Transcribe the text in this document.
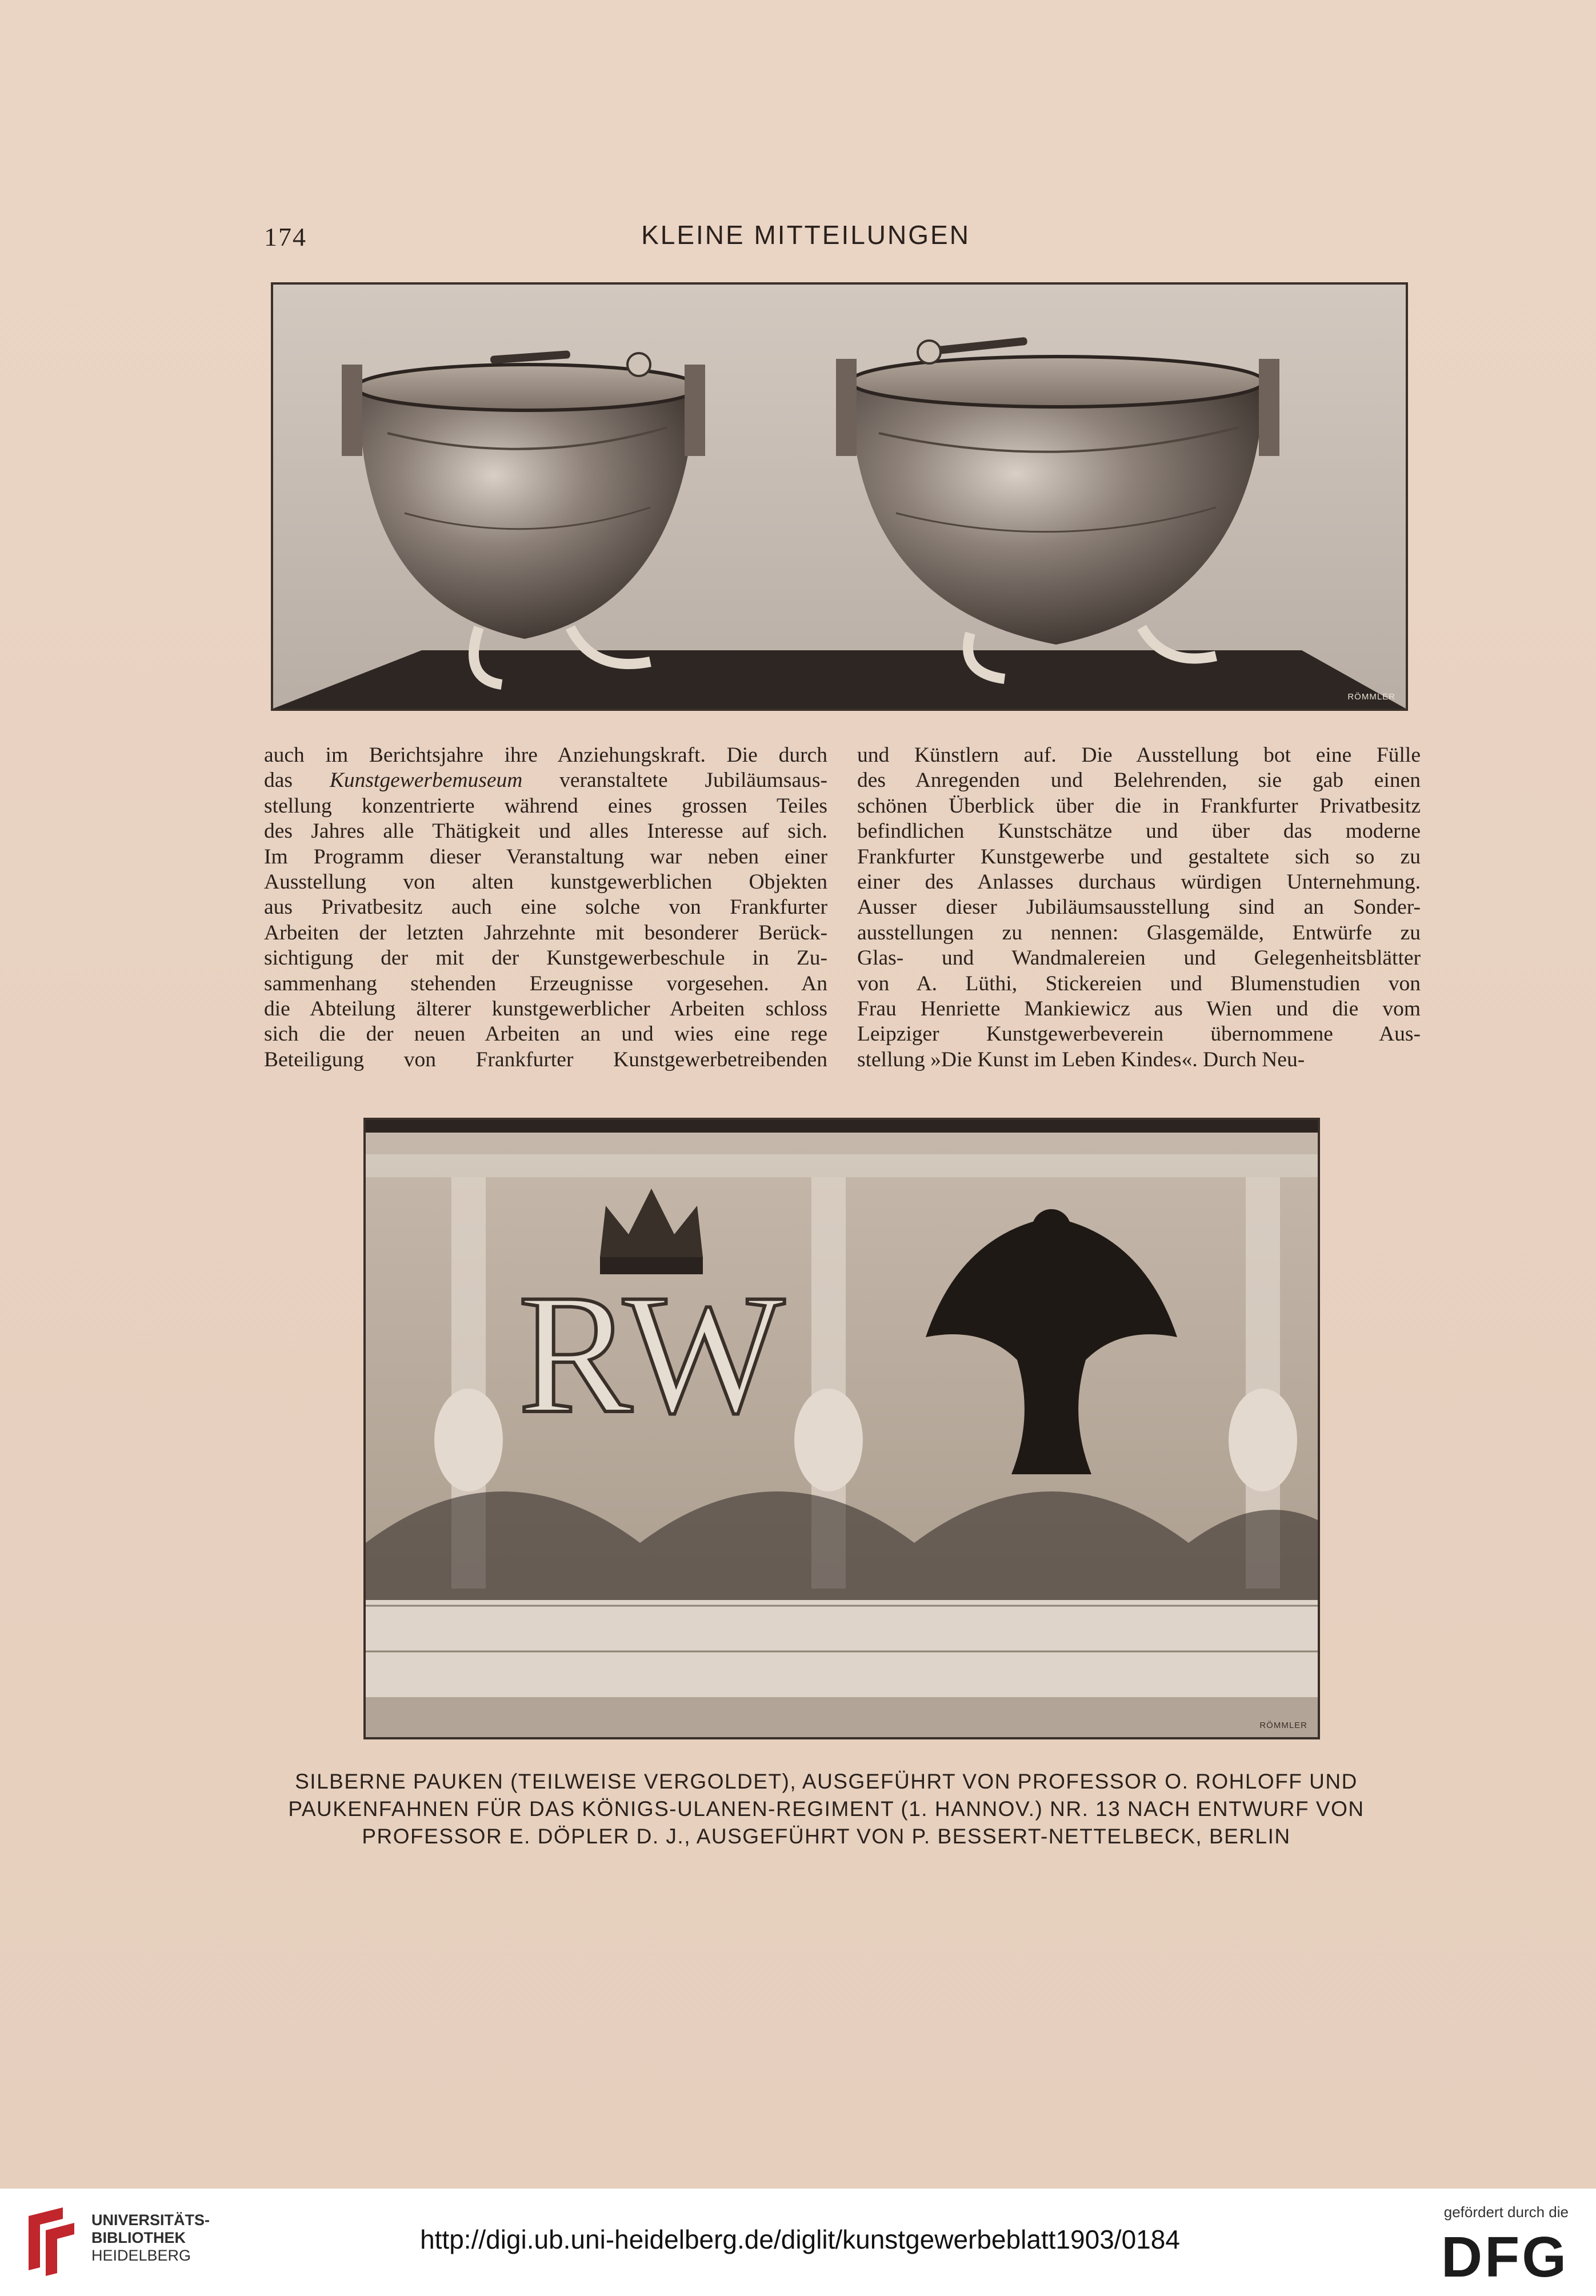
174	KLEINE MITTEILUNGEN
RÖMMLER
auch im Berichtsjahre ihre Anziehungskraft. Die durch
das Kunstgewerbemuseum veranstaltete Jubiläumsaus-
stellung konzentrierte während eines grossen Teiles
des Jahres alle Thätigkeit und alles Interesse auf sich.
Im Programm dieser Veranstaltung war neben einer
Ausstellung von alten kunstgewerblichen Objekten
aus Privatbesitz auch eine solche von Frankfurter
Arbeiten der letzten Jahrzehnte mit besonderer Berück-
sichtigung der mit der Kunstgewerbeschule in Zu-
sammenhang stehenden Erzeugnisse vorgesehen. An
die Abteilung älterer kunstgewerblicher Arbeiten schloss
sich die der neuen Arbeiten an und wies eine rege
Beteiligung von Frankfurter Kunstgewerbetreibenden
und Künstlern auf. Die Ausstellung bot eine Fülle
des Anregenden und Belehrenden, sie gab einen
schönen Überblick über die in Frankfurter Privatbesitz
befindlichen Kunstschätze und über das moderne
Frankfurter Kunstgewerbe und gestaltete sich so zu
einer des Anlasses durchaus würdigen Unternehmung.
Ausser dieser Jubiläumsausstellung sind an Sonder-
ausstellungen zu nennen: Glasgemälde, Entwürfe zu
Glas- und Wandmalereien und Gelegenheitsblätter
von A. Lüthi, Stickereien und Blumenstudien von
Frau Henriette Mankiewicz aus Wien und die vom
Leipziger Kunstgewerbeverein übernommene Aus-
stellung »Die Kunst im Leben Kindes«. Durch Neu-
RW
RÖMMLER
SILBERNE PAUKEN (TEILWEISE VERGOLDET), AUSGEFÜHRT VON PROFESSOR O. ROHLOFF UND
PAUKENFAHNEN FÜR DAS KÖNIGS-ULANEN-REGIMENT (1. HANNOV.) NR. 13 NACH ENTWURF VON
PROFESSOR E. DÖPLER D. J., AUSGEFÜHRT VON P. BESSERT-NETTELBECK, BERLIN
UNIVERSITÄTS-
BIBLIOTHEK
HEIDELBERG
http://digi.ub.uni-heidelberg.de/diglit/kunstgewerbeblatt1903/0184
gefördert durch die
DFG
